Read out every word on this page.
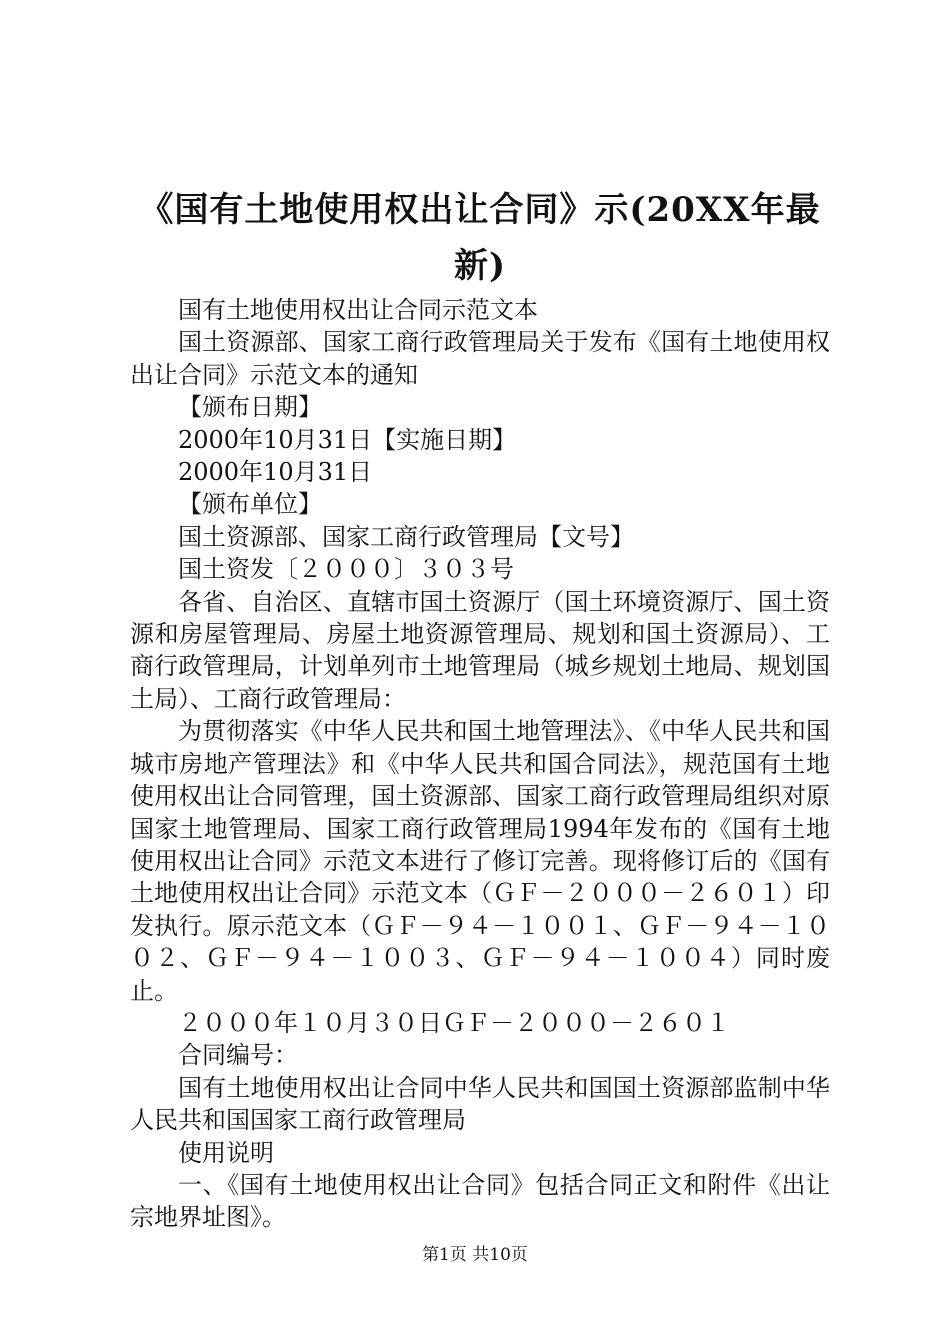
《国有土地使用权出让合同》示(20XX年最新)

国有土地使用权出让合同示范文本

国土资源部、国家工商行政管理局关于发布《国有土地使用权出让合同》示范文本的通知

【颁布日期】

2000年10月31日【实施日期】

2000年10月31日

【颁布单位】

国土资源部、国家工商行政管理局【文号】

国土资发〔２０００〕３０３号

各省、自治区、直辖市国土资源厅（国土环境资源厅、国土资源和房屋管理局、房屋土地资源管理局、规划和国土资源局）、工商行政管理局，计划单列市土地管理局（城乡规划土地局、规划国土局）、工商行政管理局：

为贯彻落实《中华人民共和国土地管理法》、《中华人民共和国城市房地产管理法》和《中华人民共和国合同法》，规范国有土地使用权出让合同管理，国土资源部、国家工商行政管理局组织对原国家土地管理局、国家工商行政管理局1994年发布的《国有土地使用权出让合同》示范文本进行了修订完善。现将修订后的《国有土地使用权出让合同》示范文本（ＧＦ－２０００－２６０１）印发执行。原示范文本（ＧＦ－９４－１００１、ＧＦ－９４－１００２、ＧＦ－９４－１００３、ＧＦ－９４－１００４）同时废止。

２０００年１０月３０日ＧＦ－２０００－２６０１

合同编号：

国有土地使用权出让合同中华人民共和国国土资源部监制中华人民共和国国家工商行政管理局

使用说明

一、《国有土地使用权出让合同》包括合同正文和附件《出让宗地界址图》。

第1页 共10页
